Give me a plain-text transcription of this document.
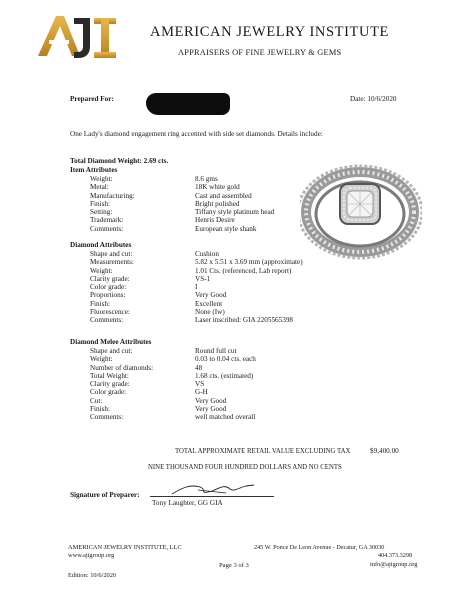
AMERICAN JEWELRY INSTITUTE
APPRAISERS OF FINE JEWELRY & GEMS
Prepared For:	Date: 10/6/2020
One Lady's diamond engagement ring accented with side set diamonds. Details include:
Total Diamond Weight: 2.69 cts.
Item Attributes
Weight:	8.6 gms
Metal:	18K white gold
Manufacturing:	Cast and assembled
Finish:	Bright polished
Setting:	Tiffany style platinum head
Trademark:	Henris Desire
Comments:	European style shank
Diamond Attributes
Shape and cut:	Cushion
Measurements:	5.82 x 5.51 x 3.69 mm (approximate)
Weight:	1.01 Cts. (referenced, Lab report)
Clarity grade:	VS-1
Color grade:	I
Proportions:	Very Good
Finish:	Excellent
Fluorescence:	None (Iw)
Comments:	Laser inscribed: GIA 2205565398
Diamond Melee Attributes
Shape and cut:	Round full cut
Weight:	0.03 to 0.04 cts. each
Number of diamonds:	48
Total Weight:	1.68 cts. (estimated)
Clarity grade:	VS
Color grade:	G-H
Cut:	Very Good
Finish:	Very Good
Comments:	well matched overall
TOTAL APPROXIMATE RETAIL VALUE EXCLUDING TAX	$9,400.00
NINE THOUSAND FOUR HUNDRED DOLLARS AND NO CENTS
Signature of Preparer:
Tony Laughter, GG GIA
AMERICAN JEWELRY INSTITUTE, LLC
www.ajigroup.org
245 W. Ponce De Leon Avenue - Decatur, GA 30030
404.373.3298
info@ajigroup.org
Page 3 of 3
Edition: 10/6/2020
